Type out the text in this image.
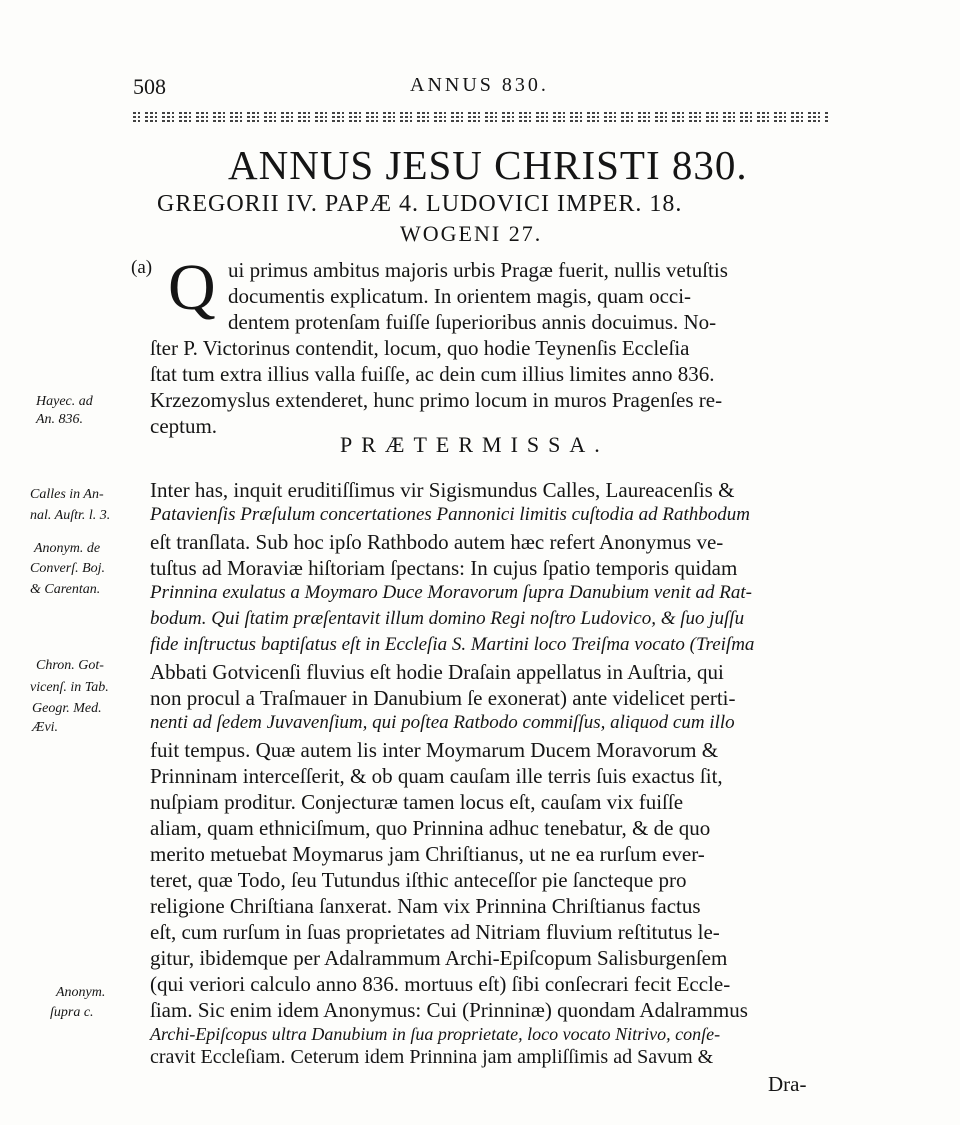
508	ANNUS 830.
ANNUS JESU CHRISTI 830.
GREGORII IV. PAPÆ 4. LUDOVICI IMPER. 18.
WOGENI 27.
(a) Q ui primus ambitus majoris urbis Pragæ fuerit, nullis vetuſtis
documentis explicatum. In orientem magis, quam occi-
dentem protenſam fuiſſe ſuperioribus annis docuimus. No-
ſter P. Victorinus contendit, locum, quo hodie Teynenſis Eccleſia
ſtat tum extra illius valla fuiſſe, ac dein cum illius limites anno 836.
Krzezomyslus extenderet, hunc primo locum in muros Pragenſes re-
ceptum.
PRÆTERMISSA.
Inter has, inquit eruditiſſimus vir Sigismundus Calles, Laureacenſis &
Patavienſis Præſulum concertationes Pannonici limitis cuſtodia ad Rathbodum
eſt tranſlata. Sub hoc ipſo Rathbodo autem hæc refert Anonymus ve-
tuſtus ad Moraviæ hiſtoriam ſpectans: In cujus ſpatio temporis quidam
Prinnina exulatus a Moymaro Duce Moravorum ſupra Danubium venit ad Rat-
bodum. Qui ſtatim præſentavit illum domino Regi noſtro Ludovico, & ſuo juſſu
fide inſtructus baptiſatus eſt in Eccleſia S. Martini loco Treiſma vocato (Treiſma
Abbati Gotvicenſi fluvius eſt hodie Draſain appellatus in Auſtria, qui
non procul a Traſmauer in Danubium ſe exonerat) ante videlicet perti-
nenti ad ſedem Juvavenſium, qui poſtea Ratbodo commiſſus, aliquod cum illo
fuit tempus. Quæ autem lis inter Moymarum Ducem Moravorum &
Prinninam interceſſerit, & ob quam cauſam ille terris ſuis exactus ſit,
nuſpiam proditur. Conjecturæ tamen locus eſt, cauſam vix fuiſſe
aliam, quam ethniciſmum, quo Prinnina adhuc tenebatur, & de quo
merito metuebat Moymarus jam Chriſtianus, ut ne ea rurſum ever-
teret, quæ Todo, ſeu Tutundus iſthic anteceſſor pie ſancteque pro
religione Chriſtiana ſanxerat. Nam vix Prinnina Chriſtianus factus
eſt, cum rurſum in ſuas proprietates ad Nitriam fluvium reſtitutus le-
gitur, ibidemque per Adalrammum Archi-Epiſcopum Salisburgenſem
(qui veriori calculo anno 836. mortuus eſt) ſibi conſecrari fecit Eccle-
ſiam. Sic enim idem Anonymus: Cui (Prinninæ) quondam Adalrammus
Archi-Epiſcopus ultra Danubium in ſua proprietate, loco vocato Nitrivo, conſe-
cravit Eccleſiam. Ceterum idem Prinnina jam ampliſſimis ad Savum &
Dra-
Hayec. ad
An. 836.
Calles in An-
nal. Auſtr. l. 3.
Anonym. de
Converſ. Boj.
& Carentan.
Chron. Got-
vicenſ. in Tab.
Geogr. Med.
Ævi.
Anonym.
ſupra c.
